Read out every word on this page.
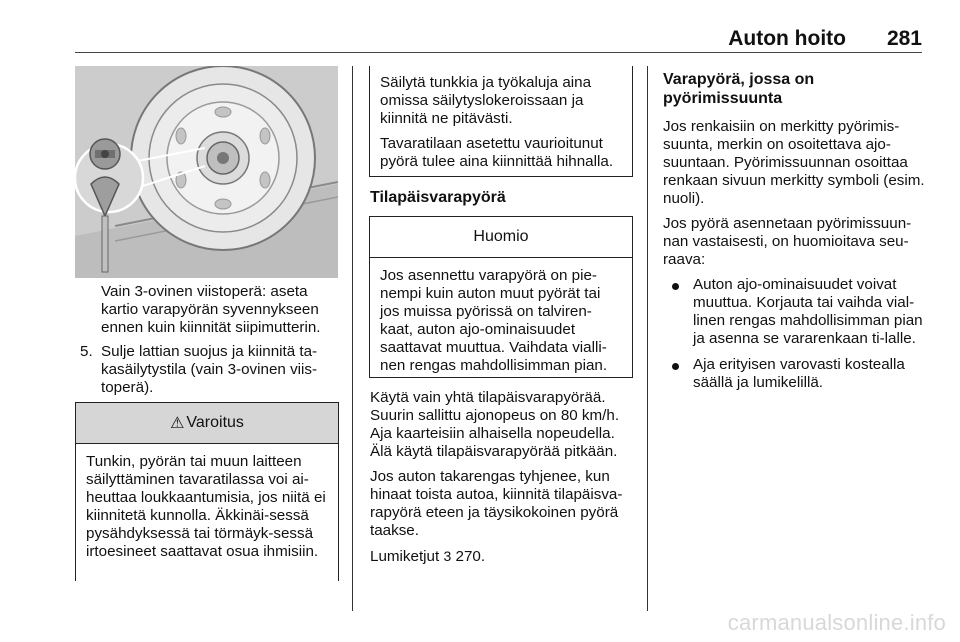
Auton hoito 281
Vain 3-ovinen viistoperä: aseta kartio varapyörän syvennykseen ennen kuin kiinnität siipimutterin.
5. Sulje lattian suojus ja kiinnitä ta-kasäilytystila (vain 3-ovinen viis-toperä).
⚠ Varoitus

Tunkin, pyörän tai muun laitteen säilyttäminen tavaratilassa voi ai-heuttaa loukkaantumisia, jos niitä ei kiinnitetä kunnolla. Äkkinäi-sessä pysähdyksessä tai törmäyk-sessä irtoesineet saattavat osua ihmisiin.

Säilytä tunkkia ja työkaluja aina omissa säilytyslokeroissaan ja kiinnitä ne pitävästi.

Tavaratilaan asetettu vaurioitunut pyörä tulee aina kiinnittää hihnalla.

Tilapäisvarapyörä
Huomio

Jos asennettu varapyörä on pie-nempi kuin auton muut pyörät tai jos muissa pyörissä on talviren-kaat, auton ajo-ominaisuudet saattavat muuttua. Vaihdata vialli-nen rengas mahdollisimman pian.

Käytä vain yhtä tilapäisvarapyörää. Suurin sallittu ajonopeus on 80 km/h. Aja kaarteisiin alhaisella nopeudella. Älä käytä tilapäisvarapyörää pitkään.

Jos auton takarengas tyhjenee, kun hinaat toista autoa, kiinnitä tilapäisva-rapyörä eteen ja täysikokoinen pyörä taakse.

Lumiketjut 3 270.

Varapyörä, jossa on pyörimissuunta

Jos renkaisiin on merkitty pyörimis-suunta, merkin on osoitettava ajo-suuntaan. Pyörimissuunnan osoittaa renkaan sivuun merkitty symboli (esim. nuoli).

Jos pyörä asennetaan pyörimissuun-nan vastaisesti, on huomioitava seu-raava:

Auton ajo-ominaisuudet voivat muuttua. Korjauta tai vaihda vial-linen rengas mahdollisimman pian ja asenna se vararenkaan ti-lalle.
Aja erityisen varovasti kostealla säällä ja lumikelillä.
carmanualsonline.info
